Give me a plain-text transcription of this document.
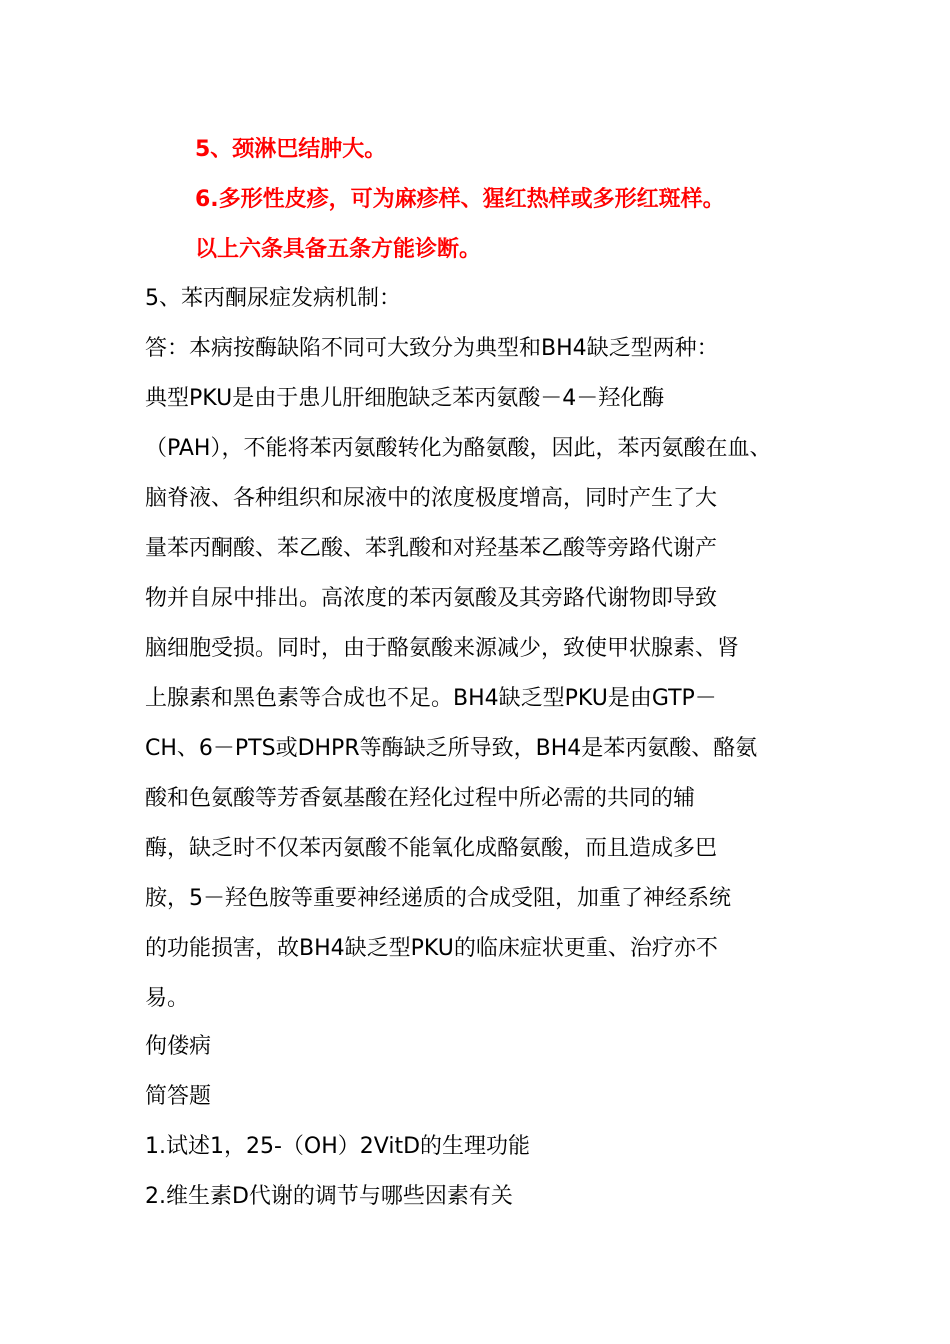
5、颈淋巴结肿大。

6.多形性皮疹，可为麻疹样、猩红热样或多形红斑样。

以上六条具备五条方能诊断。

5、苯丙酮尿症发病机制：

答：本病按酶缺陷不同可大致分为典型和BH4缺乏型两种：
典型PKU是由于患儿肝细胞缺乏苯丙氨酸－4－羟化酶
（PAH），不能将苯丙氨酸转化为酪氨酸，因此，苯丙氨酸在血、
脑脊液、各种组织和尿液中的浓度极度增高，同时产生了大
量苯丙酮酸、苯乙酸、苯乳酸和对羟基苯乙酸等旁路代谢产
物并自尿中排出。高浓度的苯丙氨酸及其旁路代谢物即导致
脑细胞受损。同时，由于酪氨酸来源减少，致使甲状腺素、肾
上腺素和黑色素等合成也不足。BH4缺乏型PKU是由GTP－
CH、6－PTS或DHPR等酶缺乏所导致，BH4是苯丙氨酸、酪氨
酸和色氨酸等芳香氨基酸在羟化过程中所必需的共同的辅
酶，缺乏时不仅苯丙氨酸不能氧化成酪氨酸，而且造成多巴
胺，5－羟色胺等重要神经递质的合成受阻，加重了神经系统
的功能损害，故BH4缺乏型PKU的临床症状更重、治疗亦不
易。

佝偻病

简答题

1.试述1，25-（OH）2VitD的生理功能

2.维生素D代谢的调节与哪些因素有关
